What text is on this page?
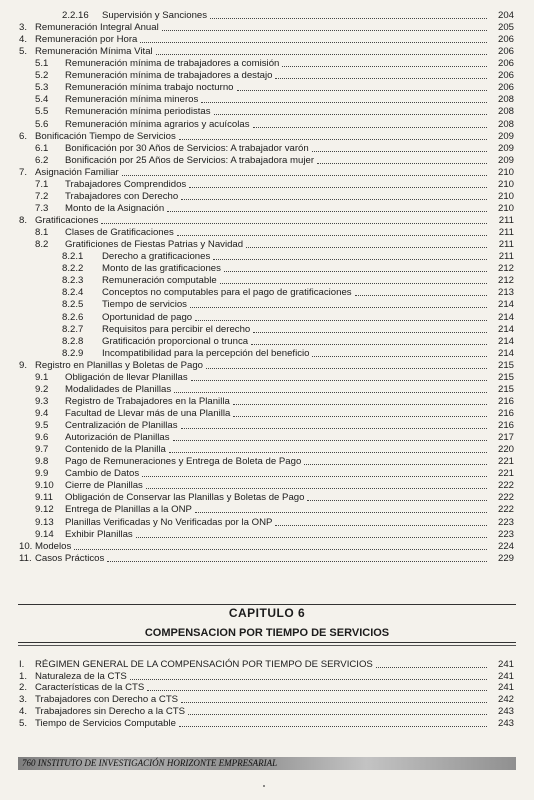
2.2.16	Supervisión y Sanciones	204
3. Remuneración Integral Anual	205
4. Remuneración por Hora	206
5. Remuneración Mínima Vital	206
5.1	Remuneración mínima de trabajadores a comisión	206
5.2	Remuneración mínima de trabajadores a destajo	206
5.3	Remuneración mínima trabajo nocturno	206
5.4	Remuneración mínima mineros	208
5.5	Remuneración mínima periodistas	208
5.6	Remuneración mínima agrarios y acuícolas	208
6. Bonificación Tiempo de Servicios	209
6.1	Bonificación por 30 Años de Servicios: A trabajador varón	209
6.2	Bonificación por 25 Años de Servicios: A trabajadora mujer	209
7. Asignación Familiar	210
7.1	Trabajadores Comprendidos	210
7.2	Trabajadores con Derecho	210
7.3	Monto de la Asignación	210
8. Gratificaciones	211
8.1	Clases de Gratificaciones	211
8.2	Gratificiones de Fiestas Patrias y Navidad	211
8.2.1	Derecho a gratificaciones	211
8.2.2	Monto de las gratificaciones	212
8.2.3	Remuneración computable	212
8.2.4	Conceptos no computables para el pago de gratificaciones	213
8.2.5	Tiempo de servicios	214
8.2.6	Oportunidad de pago	214
8.2.7	Requisitos para percibir el derecho	214
8.2.8	Gratificación proporcional o trunca	214
8.2.9	Incompatibilidad para la percepción del beneficio	214
9. Registro en Planillas y Boletas de Pago	215
9.1	Obligación de llevar Planillas	215
9.2	Modalidades de Planillas	215
9.3	Registro de Trabajadores en la Planilla	216
9.4	Facultad de Llevar más de una Planilla	216
9.5	Centralización de Planillas	216
9.6	Autorización de Planillas	217
9.7	Contenido de la Planilla	220
9.8	Pago de Remuneraciones y Entrega de Boleta de Pago	221
9.9	Cambio de Datos	221
9.10	Cierre de Planillas	222
9.11	Obligación de Conservar las Planillas y Boletas de Pago	222
9.12	Entrega de Planillas a la ONP	222
9.13	Planillas Verificadas y No Verificadas por la ONP	223
9.14	Exhibir Planillas	223
10. Modelos	224
11. Casos Prácticos	229
CAPITULO 6
COMPENSACION POR TIEMPO DE SERVICIOS
I.	RÉGIMEN GENERAL DE LA COMPENSACIÓN POR TIEMPO DE SERVICIOS	241
1. Naturaleza de la CTS	241
2. Características de la CTS	241
3. Trabajadores con Derecho a CTS	242
4. Trabajadores sin Derecho a la CTS	243
5. Tiempo de Servicios Computable	243
760 INSTITUTO DE INVESTIGACIÓN HORIZONTE EMPRESARIAL
